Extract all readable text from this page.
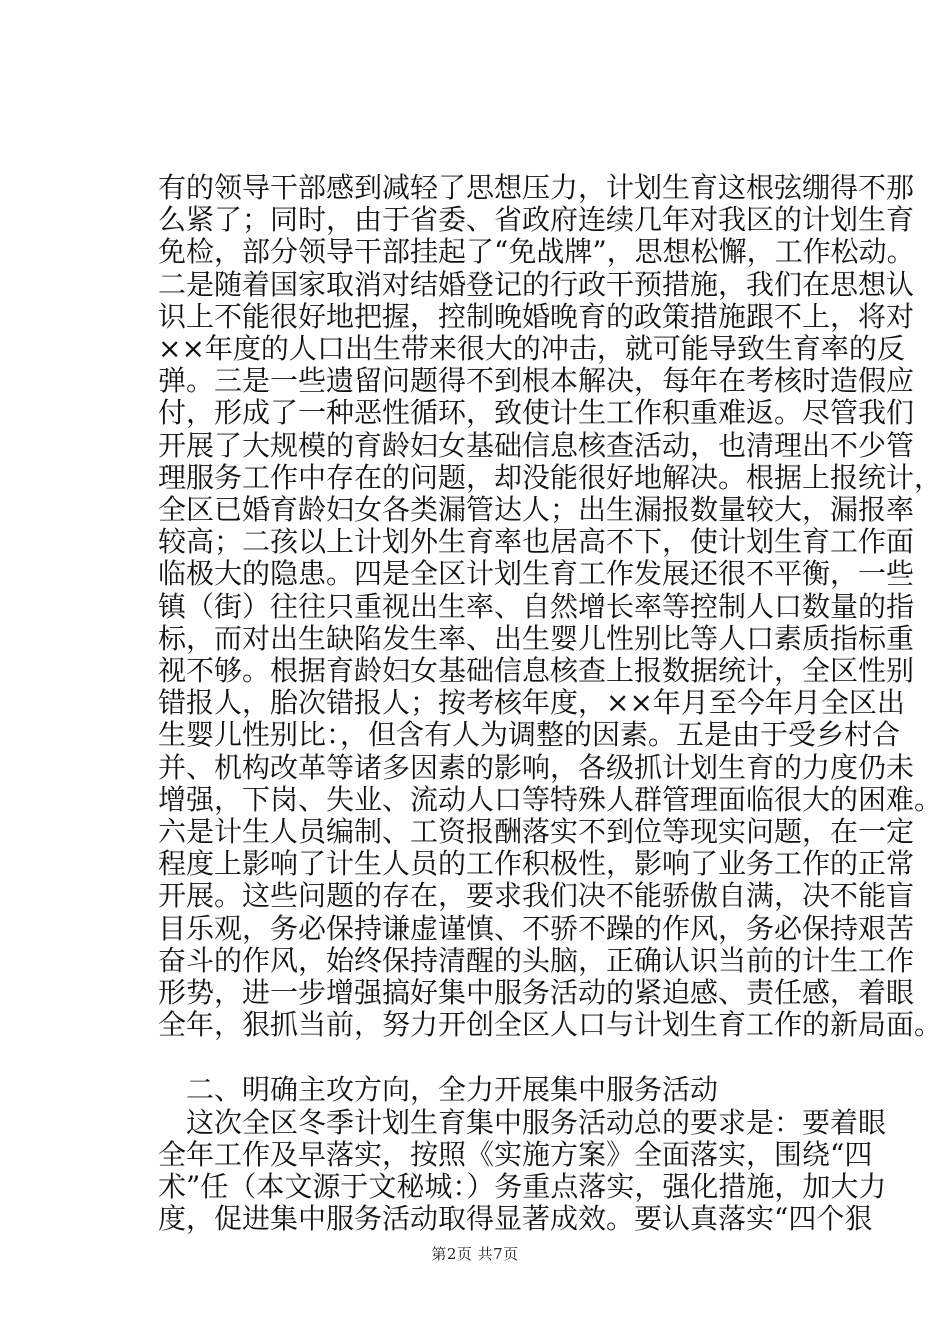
有的领导干部感到减轻了思想压力，计划生育这根弦绷得不那
么紧了；同时，由于省委、省政府连续几年对我区的计划生育
免检，部分领导干部挂起了“免战牌”，思想松懈，工作松动。
二是随着国家取消对结婚登记的行政干预措施，我们在思想认
识上不能很好地把握，控制晚婚晚育的政策措施跟不上，将对
××年度的人口出生带来很大的冲击，就可能导致生育率的反
弹。三是一些遗留问题得不到根本解决，每年在考核时造假应
付，形成了一种恶性循环，致使计生工作积重难返。尽管我们
开展了大规模的育龄妇女基础信息核查活动，也清理出不少管
理服务工作中存在的问题，却没能很好地解决。根据上报统计，
全区已婚育龄妇女各类漏管达人；出生漏报数量较大，漏报率
较高；二孩以上计划外生育率也居高不下，使计划生育工作面
临极大的隐患。四是全区计划生育工作发展还很不平衡，一些
镇（街）往往只重视出生率、自然增长率等控制人口数量的指
标，而对出生缺陷发生率、出生婴儿性别比等人口素质指标重
视不够。根据育龄妇女基础信息核查上报数据统计，全区性别
错报人，胎次错报人；按考核年度，××年月至今年月全区出
生婴儿性别比：，但含有人为调整的因素。五是由于受乡村合
并、机构改革等诸多因素的影响，各级抓计划生育的力度仍未
增强，下岗、失业、流动人口等特殊人群管理面临很大的困难。
六是计生人员编制、工资报酬落实不到位等现实问题，在一定
程度上影响了计生人员的工作积极性，影响了业务工作的正常
开展。这些问题的存在，要求我们决不能骄傲自满，决不能盲
目乐观，务必保持谦虚谨慎、不骄不躁的作风，务必保持艰苦
奋斗的作风，始终保持清醒的头脑，正确认识当前的计生工作
形势，进一步增强搞好集中服务活动的紧迫感、责任感，着眼
全年，狠抓当前，努力开创全区人口与计划生育工作的新局面。
二、明确主攻方向，全力开展集中服务活动
这次全区冬季计划生育集中服务活动总的要求是：要着眼
全年工作及早落实，按照《实施方案》全面落实，围绕“四
术”任（本文源于文秘城：）务重点落实，强化措施，加大力
度，促进集中服务活动取得显著成效。要认真落实“四个狠
第2页 共7页
